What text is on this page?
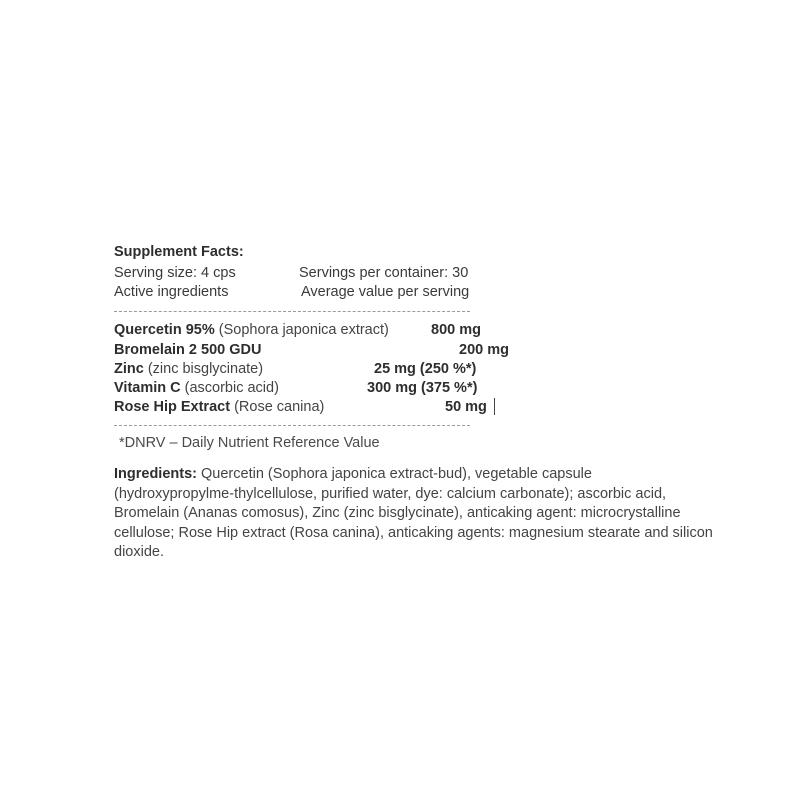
Supplement Facts:
Serving size: 4 cps	Servings per container: 30
Active ingredients	Average value per serving
Quercetin 95% (Sophora japonica extract)	800 mg
Bromelain 2 500 GDU	200 mg
Zinc (zinc bisglycinate)	25 mg (250 %*)
Vitamin C (ascorbic acid)	300 mg (375 %*)
Rose Hip Extract (Rose canina)	50 mg
*DNRV – Daily Nutrient Reference Value
Ingredients: Quercetin (Sophora japonica extract-bud), vegetable capsule (hydroxypropylme-thylcellulose, purified water, dye: calcium carbonate); ascorbic acid, Bromelain (Ananas comosus), Zinc (zinc bisglycinate), anticaking agent: microcrystalline cellulose; Rose Hip extract (Rosa canina), anticaking agents: magnesium stearate and silicon dioxide.
